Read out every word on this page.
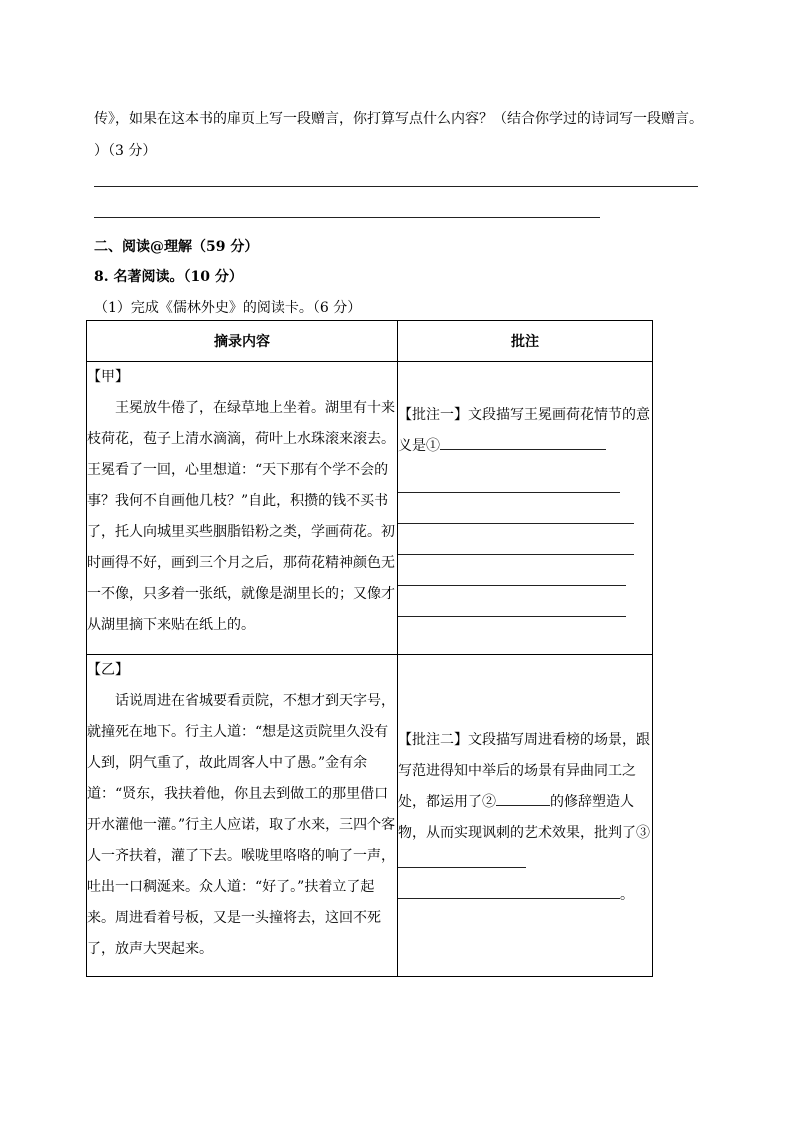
传》，如果在这本书的扉页上写一段赠言，你打算写点什么内容？（结合你学过的诗词写一段赠言。
）（3 分）
二、阅读@理解（59 分）
8. 名著阅读。（10 分）
（1）完成《儒林外史》的阅读卡。（6 分）
摘录内容	批注

【甲】
王冕放牛倦了，在绿草地上坐着。湖里有十来枝荷花，苞子上清水滴滴，荷叶上水珠滚来滚去。王冕看了一回，心里想道：“天下那有个学不会的事？我何不自画他几枝？”自此，积攒的钱不买书了，托人向城里买些胭脂铅粉之类，学画荷花。初时画得不好，画到三个月之后，那荷花精神颜色无一不像，只多着一张纸，就像是湖里长的；又像才从湖里摘下来贴在纸上的。	【批注一】文段描写王冕画荷花情节的意义是①

【乙】
话说周进在省城要看贡院，不想才到天字号，就撞死在地下。行主人道：“想是这贡院里久没有人到，阴气重了，故此周客人中了愚。”金有余道：“贤东，我扶着他，你且去到做工的那里借口开水灌他一灌。”行主人应诺，取了水来，三四个客人一齐扶着，灌了下去。喉咙里咯咯的响了一声，吐出一口稠涎来。众人道：“好了。”扶着立了起来。周进看着号板，又是一头撞将去，这回不死了，放声大哭起来。	【批注二】文段描写周进看榜的场景，跟写范进得知中举后的场景有异曲同工之处，都运用了② 的修辞塑造人物，从而实现讽刺的艺术效果，批判了③
。
